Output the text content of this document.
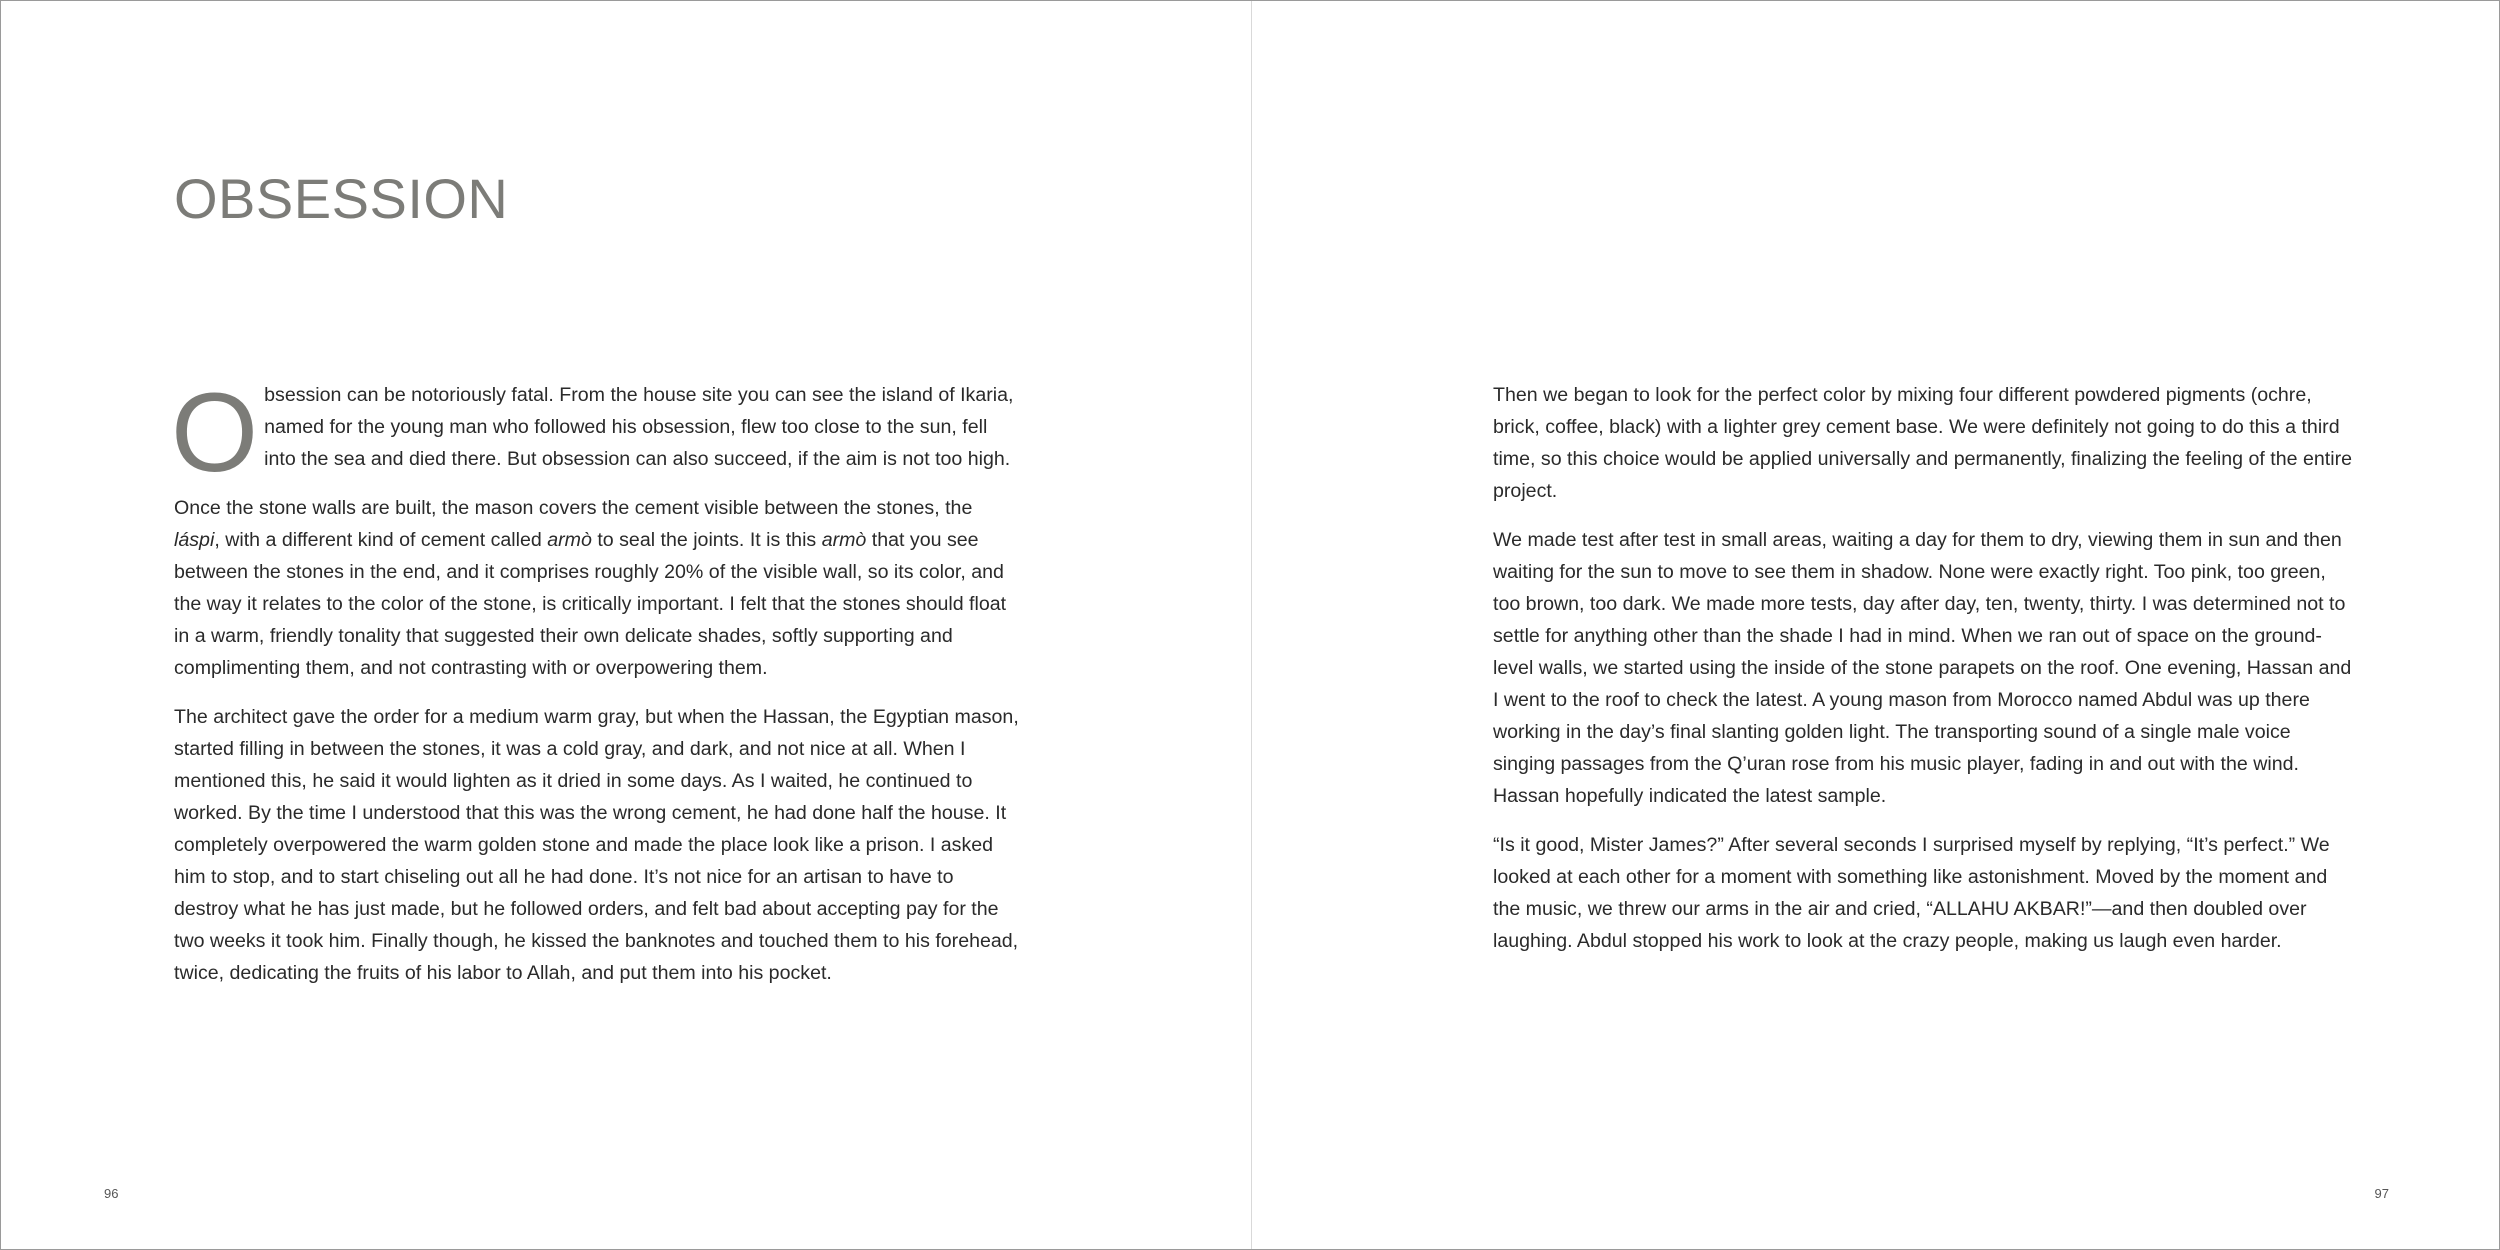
OBSESSION

Obsession can be notoriously fatal. From the house site you can see the island of Ikaria, named for the young man who followed his obsession, flew too close to the sun, fell into the sea and died there. But obsession can also succeed, if the aim is not too high.

Once the stone walls are built, the mason covers the cement visible between the stones, the láspi, with a different kind of cement called armò to seal the joints. It is this armò that you see between the stones in the end, and it comprises roughly 20% of the visible wall, so its color, and the way it relates to the color of the stone, is critically important. I felt that the stones should float in a warm, friendly tonality that suggested their own delicate shades, softly supporting and complimenting them, and not contrasting with or overpowering them.

The architect gave the order for a medium warm gray, but when the Hassan, the Egyptian mason, started filling in between the stones, it was a cold gray, and dark, and not nice at all. When I mentioned this, he said it would lighten as it dried in some days. As I waited, he continued to worked. By the time I understood that this was the wrong cement, he had done half the house. It completely overpowered the warm golden stone and made the place look like a prison. I asked him to stop, and to start chiseling out all he had done. It’s not nice for an artisan to have to destroy what he has just made, but he followed orders, and felt bad about accepting pay for the two weeks it took him. Finally though, he kissed the banknotes and touched them to his forehead, twice, dedicating the fruits of his labor to Allah, and put them into his pocket.

96

Then we began to look for the perfect color by mixing four different powdered pigments (ochre, brick, coffee, black) with a lighter grey cement base. We were definitely not going to do this a third time, so this choice would be applied universally and permanently, finalizing the feeling of the entire project.

We made test after test in small areas, waiting a day for them to dry, viewing them in sun and then waiting for the sun to move to see them in shadow. None were exactly right. Too pink, too green, too brown, too dark. We made more tests, day after day, ten, twenty, thirty. I was determined not to settle for anything other than the shade I had in mind. When we ran out of space on the ground-level walls, we started using the inside of the stone parapets on the roof. One evening, Hassan and I went to the roof to check the latest. A young mason from Morocco named Abdul was up there working in the day’s final slanting golden light. The transporting sound of a single male voice singing passages from the Q’uran rose from his music player, fading in and out with the wind. Hassan hopefully indicated the latest sample.

“Is it good, Mister James?” After several seconds I surprised myself by replying, “It’s perfect.” We looked at each other for a moment with something like astonishment. Moved by the moment and the music, we threw our arms in the air and cried, “ALLAHU AKBAR!”—and then doubled over laughing. Abdul stopped his work to look at the crazy people, making us laugh even harder.

97
